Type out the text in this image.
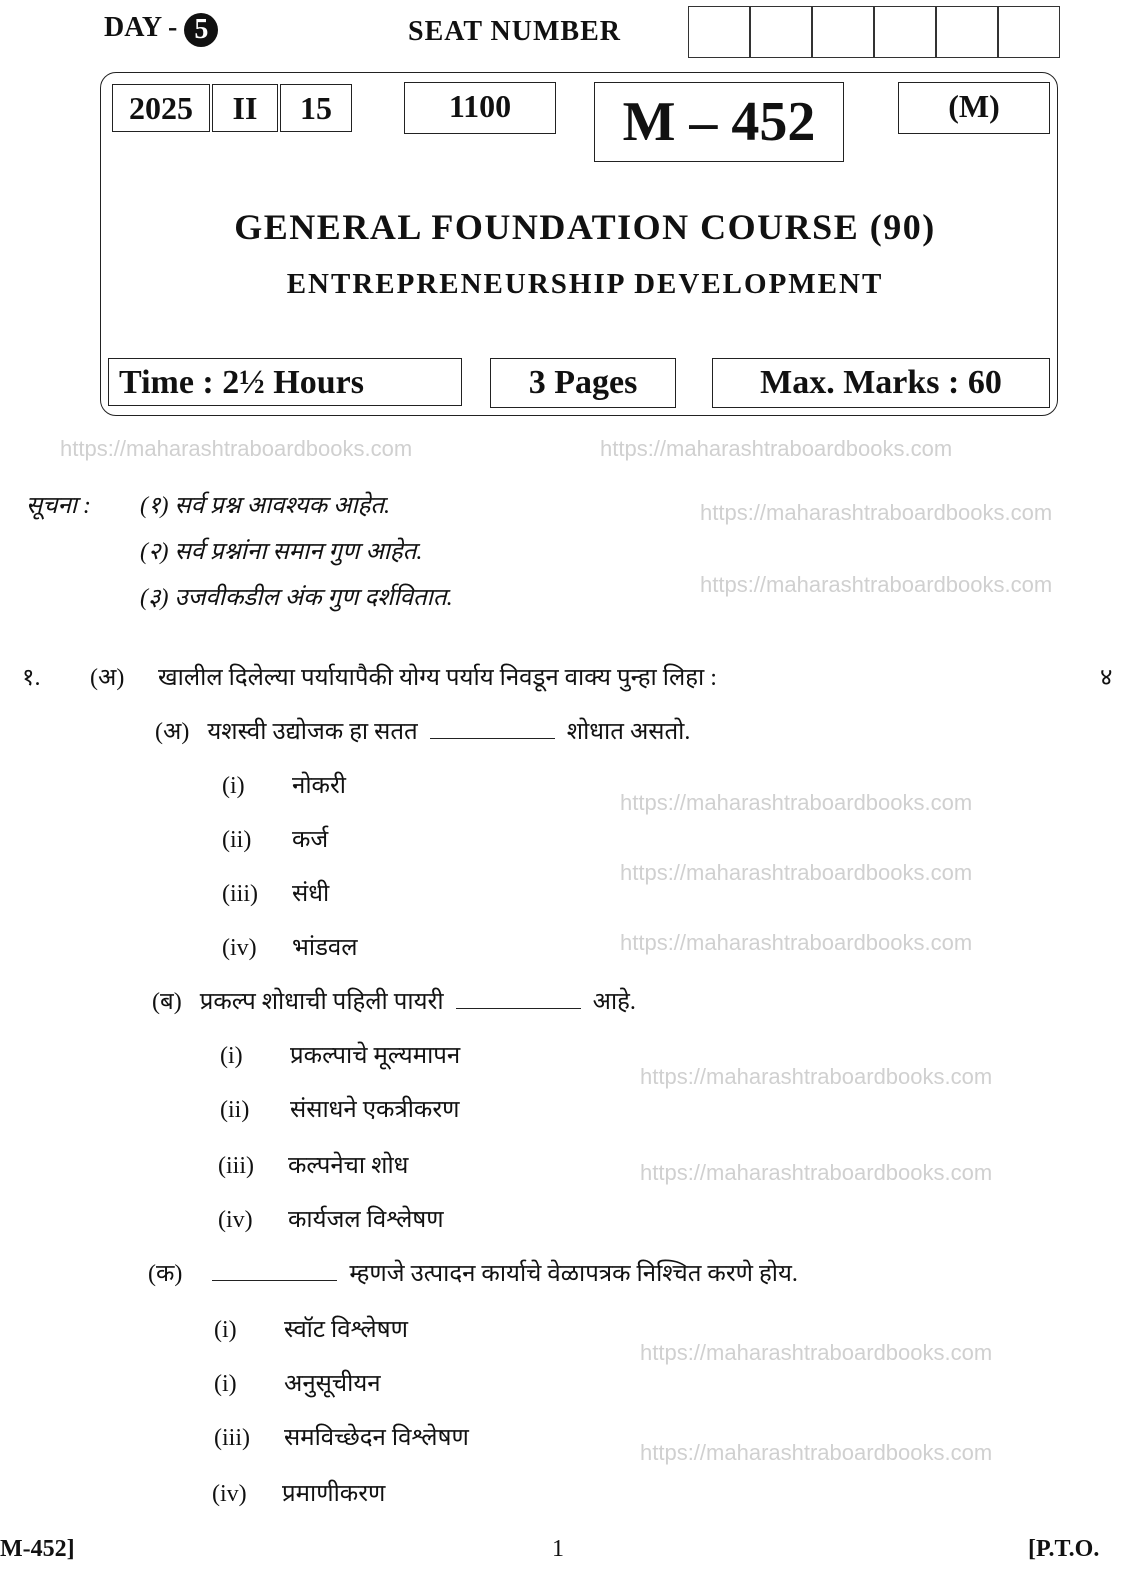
DAY - 5	SEAT NUMBER
2025	II	15	1100	M – 452	(M)
GENERAL FOUNDATION COURSE (90)
ENTREPRENEURSHIP DEVELOPMENT
Time : 2½ Hours	3 Pages	Max. Marks : 60
सूचना : (१) सर्व प्रश्न आवश्यक आहेत.
(२) सर्व प्रश्नांना समान गुण आहेत.
(३) उजवीकडील अंक गुण दर्शवितात.
१. (अ) खालील दिलेल्या पर्यायापैकी योग्य पर्याय निवडून वाक्य पुन्हा लिहा :	४
(अ) यशस्वी उद्योजक हा सतत	शोधात असतो.
(i) नोकरी
(ii) कर्ज
(iii) संधी
(iv) भांडवल
(ब) प्रकल्प शोधाची पहिली पायरी	आहे.
(i) प्रकल्पाचे मूल्यमापन
(ii) संसाधने एकत्रीकरण
(iii) कल्पनेचा शोध
(iv) कार्यजल विश्लेषण
(क)	म्हणजे उत्पादन कार्याचे वेळापत्रक निश्चित करणे होय.
(i) स्वॉट विश्लेषण
(i) अनुसूचीयन
(iii) समविच्छेदन विश्लेषण
(iv) प्रमाणीकरण
M-452]	1	[P.T.O.
https://maharashtraboardbooks.com	https://maharashtraboardbooks.com
https://maharashtraboardbooks.com
https://maharashtraboardbooks.com
https://maharashtraboardbooks.com
https://maharashtraboardbooks.com
https://maharashtraboardbooks.com
https://maharashtraboardbooks.com
https://maharashtraboardbooks.com
https://maharashtraboardbooks.com
https://maharashtraboardbooks.com
